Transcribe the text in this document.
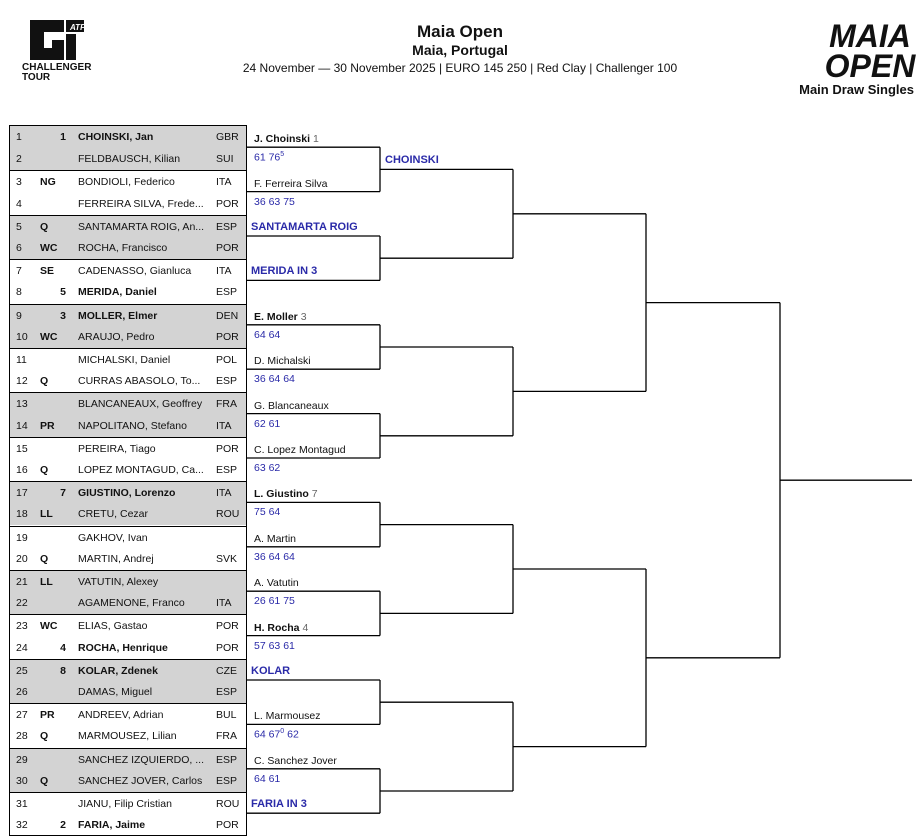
ATP
CHALLENGER
TOUR
Maia Open
Maia, Portugal
24 November — 30 November 2025 | EURO 145 250 | Red Clay | Challenger 100
MAIA
OPEN
Main Draw Singles
1	1 CHOINSKI, Jan	GBR
2	FELDBAUSCH, Kilian	SUI
3	NG	BONDIOLI, Federico	ITA
4	FERREIRA SILVA, Frede...	POR
5	Q	SANTAMARTA ROIG, An...	ESP
6	WC	ROCHA, Francisco	POR
7	SE	CADENASSO, Gianluca	ITA
8	5 MERIDA, Daniel	ESP
9	3 MOLLER, Elmer	DEN
10	WC	ARAUJO, Pedro	POR
11	MICHALSKI, Daniel	POL
12	Q	CURRAS ABASOLO, To...	ESP
13	BLANCANEAUX, Geoffrey	FRA
14	PR	NAPOLITANO, Stefano	ITA
15	PEREIRA, Tiago	POR
16	Q	LOPEZ MONTAGUD, Ca...	ESP
17	7 GIUSTINO, Lorenzo	ITA
18	LL	CRETU, Cezar	ROU
19	GAKHOV, Ivan
20	Q	MARTIN, Andrej	SVK
21	LL	VATUTIN, Alexey
22	AGAMENONE, Franco	ITA
23	WC	ELIAS, Gastao	POR
24	4 ROCHA, Henrique	POR
25	8 KOLAR, Zdenek	CZE
26	DAMAS, Miguel	ESP
27	PR	ANDREEV, Adrian	BUL
28	Q	MARMOUSEZ, Lilian	FRA
29	SANCHEZ IZQUIERDO, ...	ESP
30	Q	SANCHEZ JOVER, Carlos	ESP
31	JIANU, Filip Cristian	ROU
32	2 FARIA, Jaime	POR
J. Choinski 1
61 $76^5$
F. Ferreira Silva
36 63 75
SANTAMARTA ROIG
MERIDA IN 3
E. Moller 3
64 64
D. Michalski
36 64 64
G. Blancaneaux
62 61
C. Lopez Montagud
63 62
L. Giustino 7
75 64
A. Martin
36 64 64
A. Vatutin
26 61 75
H. Rocha 4
57 63 61
KOLAR
L. Marmousez
64 $67^0$ 62
C. Sanchez Jover
64 61
FARIA IN 3
CHOINSKI
